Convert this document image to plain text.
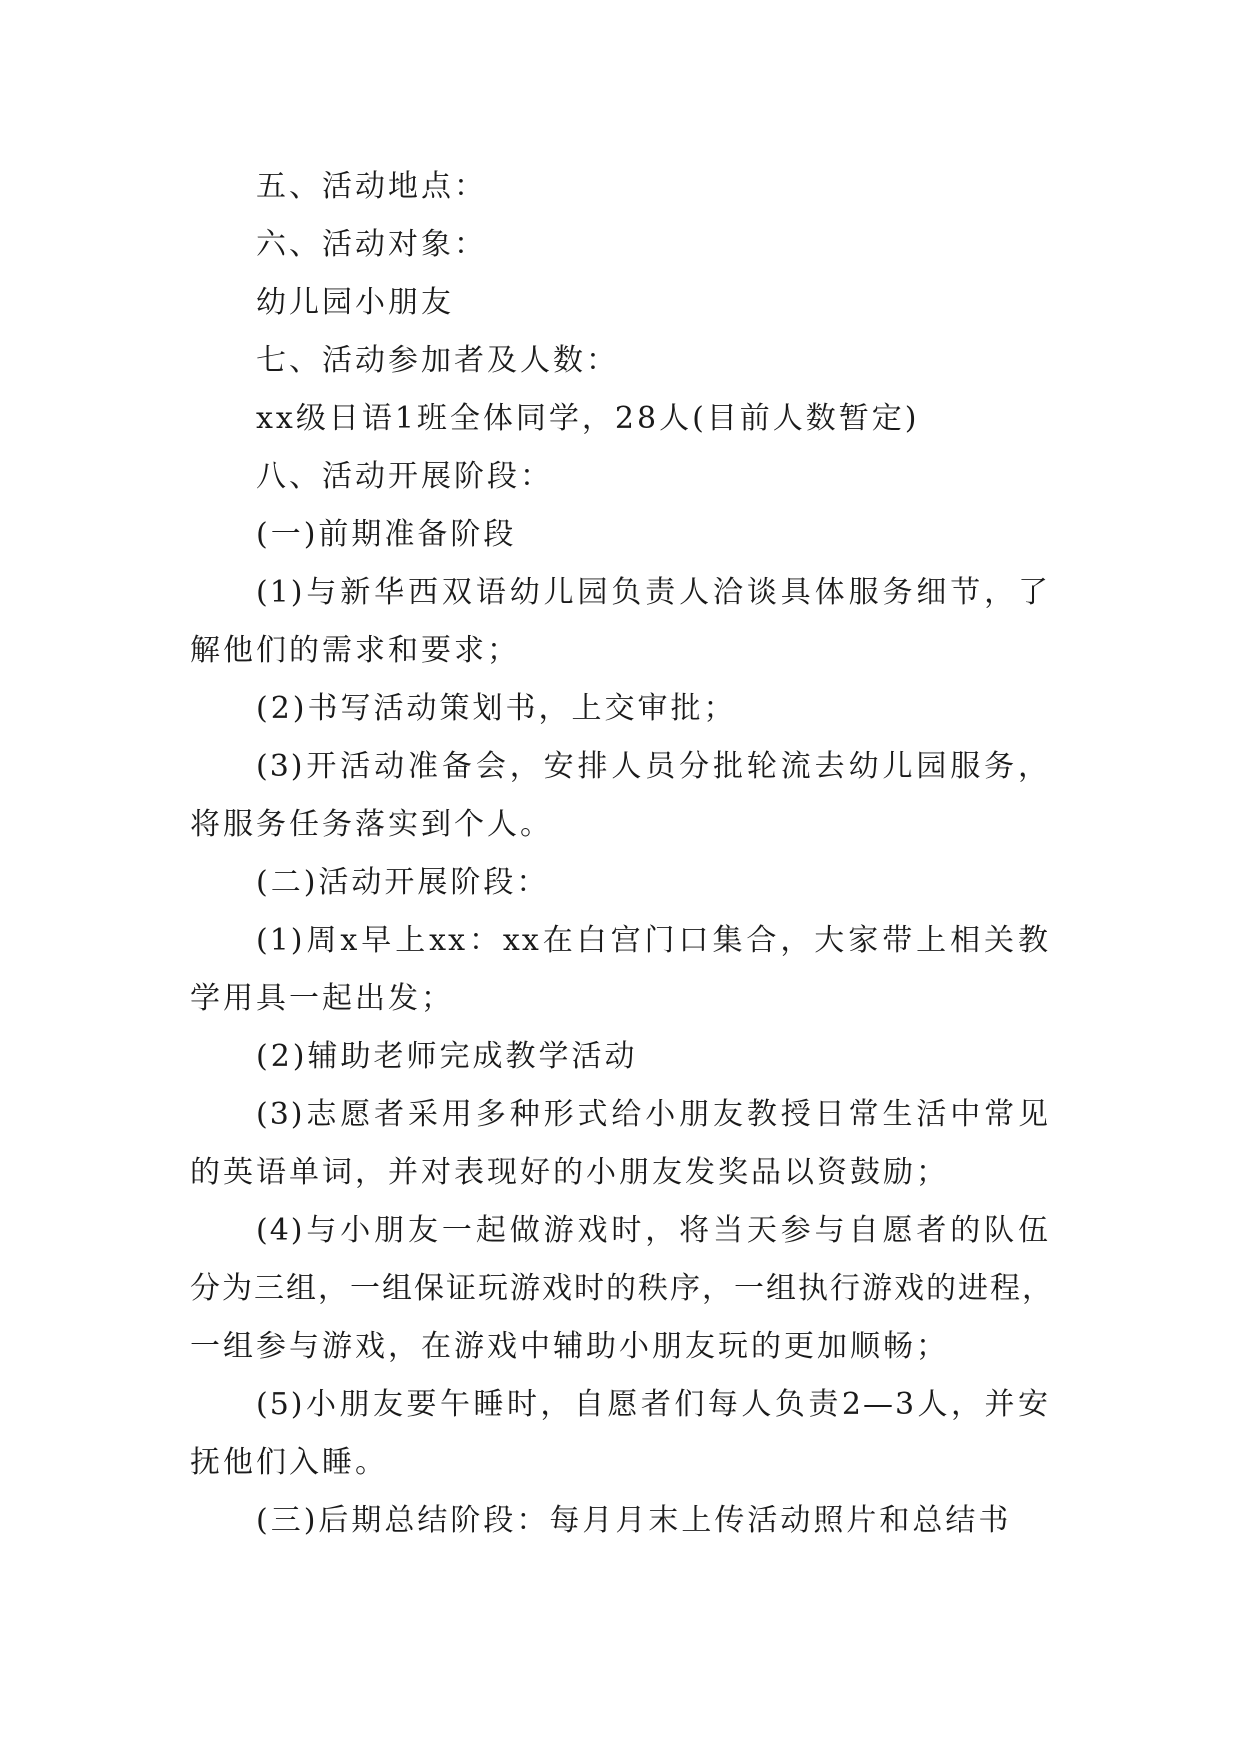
五、活动地点：
六、活动对象：
幼儿园小朋友
七、活动参加者及人数：
xx级日语1班全体同学，28人(目前人数暂定)
八、活动开展阶段：
(一)前期准备阶段
(1)与新华西双语幼儿园负责人洽谈具体服务细节，了
解他们的需求和要求；
(2)书写活动策划书，上交审批；
(3)开活动准备会，安排人员分批轮流去幼儿园服务，
将服务任务落实到个人。
(二)活动开展阶段：
(1)周x早上xx：xx在白宫门口集合，大家带上相关教
学用具一起出发；
(2)辅助老师完成教学活动
(3)志愿者采用多种形式给小朋友教授日常生活中常见
的英语单词，并对表现好的小朋友发奖品以资鼓励；
(4)与小朋友一起做游戏时，将当天参与自愿者的队伍
分为三组，一组保证玩游戏时的秩序，一组执行游戏的进程，
一组参与游戏，在游戏中辅助小朋友玩的更加顺畅；
(5)小朋友要午睡时，自愿者们每人负责2—3人，并安
抚他们入睡。
(三)后期总结阶段：每月月末上传活动照片和总结书
